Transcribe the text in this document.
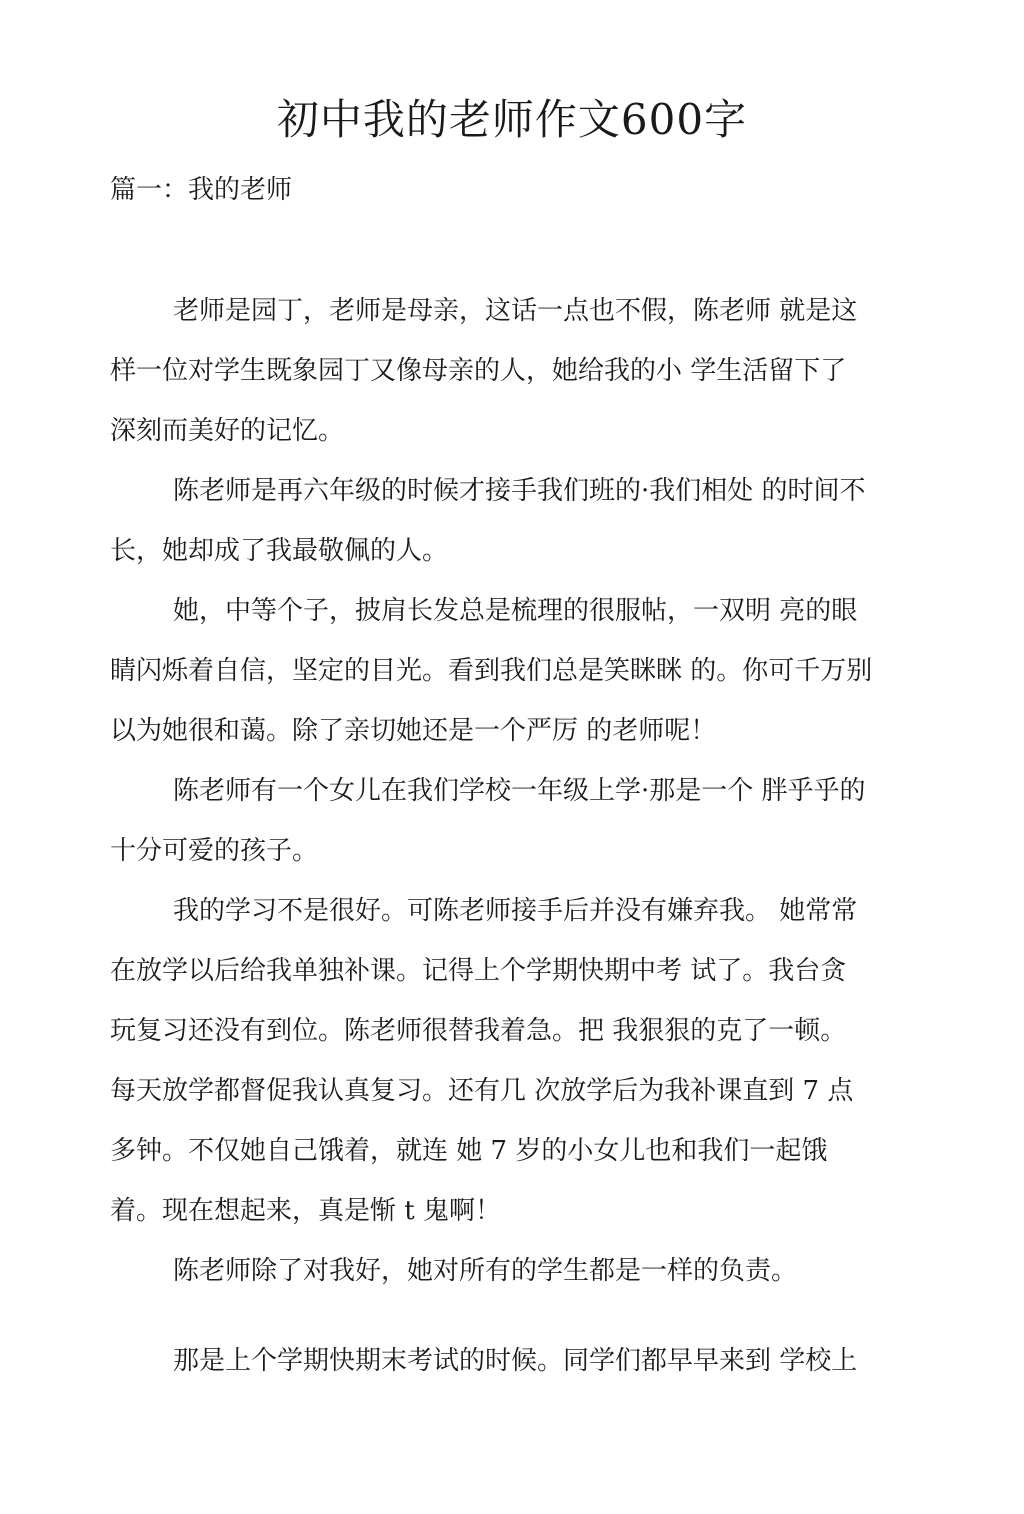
初中我的老师作文600字
篇一：我的老师
老师是园丁，老师是母亲，这话一点也不假，陈老师 就是这
样一位对学生既象园丁又像母亲的人，她给我的小 学生活留下了
深刻而美好的记忆。
陈老师是再六年级的时候才接手我们班的·我们相处 的时间不
长，她却成了我最敬佩的人。
她，中等个子，披肩长发总是梳理的很服帖，一双明 亮的眼
睛闪烁着自信，坚定的目光。看到我们总是笑眯眯 的。你可千万别
以为她很和蔼。除了亲切她还是一个严厉 的老师呢！
陈老师有一个女儿在我们学校一年级上学·那是一个 胖乎乎的
十分可爱的孩子。
我的学习不是很好。可陈老师接手后并没有嫌弃我。 她常常
在放学以后给我单独补课。记得上个学期快期中考 试了。我台贪
玩复习还没有到位。陈老师很替我着急。把 我狠狠的克了一顿。
每天放学都督促我认真复习。还有几 次放学后为我补课直到 7 点
多钟。不仅她自己饿着，就连 她 7 岁的小女儿也和我们一起饿
着。现在想起来，真是惭 t 鬼啊！
陈老师除了对我好，她对所有的学生都是一样的负责。
那是上个学期快期末考试的时候。同学们都早早来到 学校上
